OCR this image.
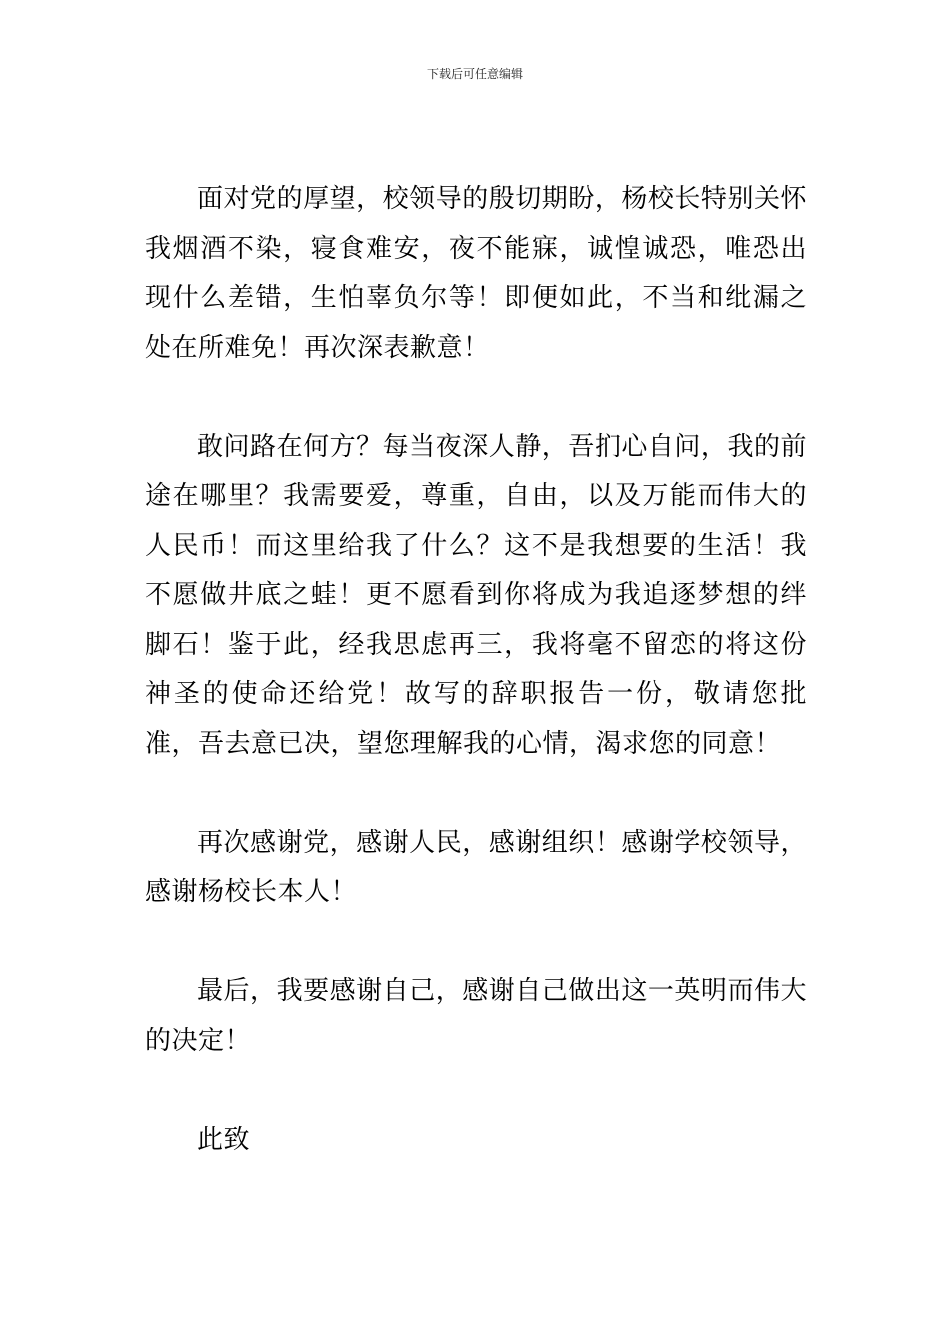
下载后可任意编辑

面对党的厚望，校领导的殷切期盼，杨校长特别关怀我烟酒不染，寝食难安，夜不能寐，诚惶诚恐，唯恐出现什么差错，生怕辜负尔等！即便如此，不当和纰漏之处在所难免！再次深表歉意！

敢问路在何方？每当夜深人静，吾扪心自问，我的前途在哪里？我需要爱，尊重，自由，以及万能而伟大的人民币！而这里给我了什么？这不是我想要的生活！我不愿做井底之蛙！更不愿看到你将成为我追逐梦想的绊脚石！鉴于此，经我思虑再三，我将毫不留恋的将这份神圣的使命还给党！故写的辞职报告一份，敬请您批准，吾去意已决，望您理解我的心情，渴求您的同意！

再次感谢党，感谢人民，感谢组织！感谢学校领导，感谢杨校长本人！

最后，我要感谢自己，感谢自己做出这一英明而伟大的决定！

此致
